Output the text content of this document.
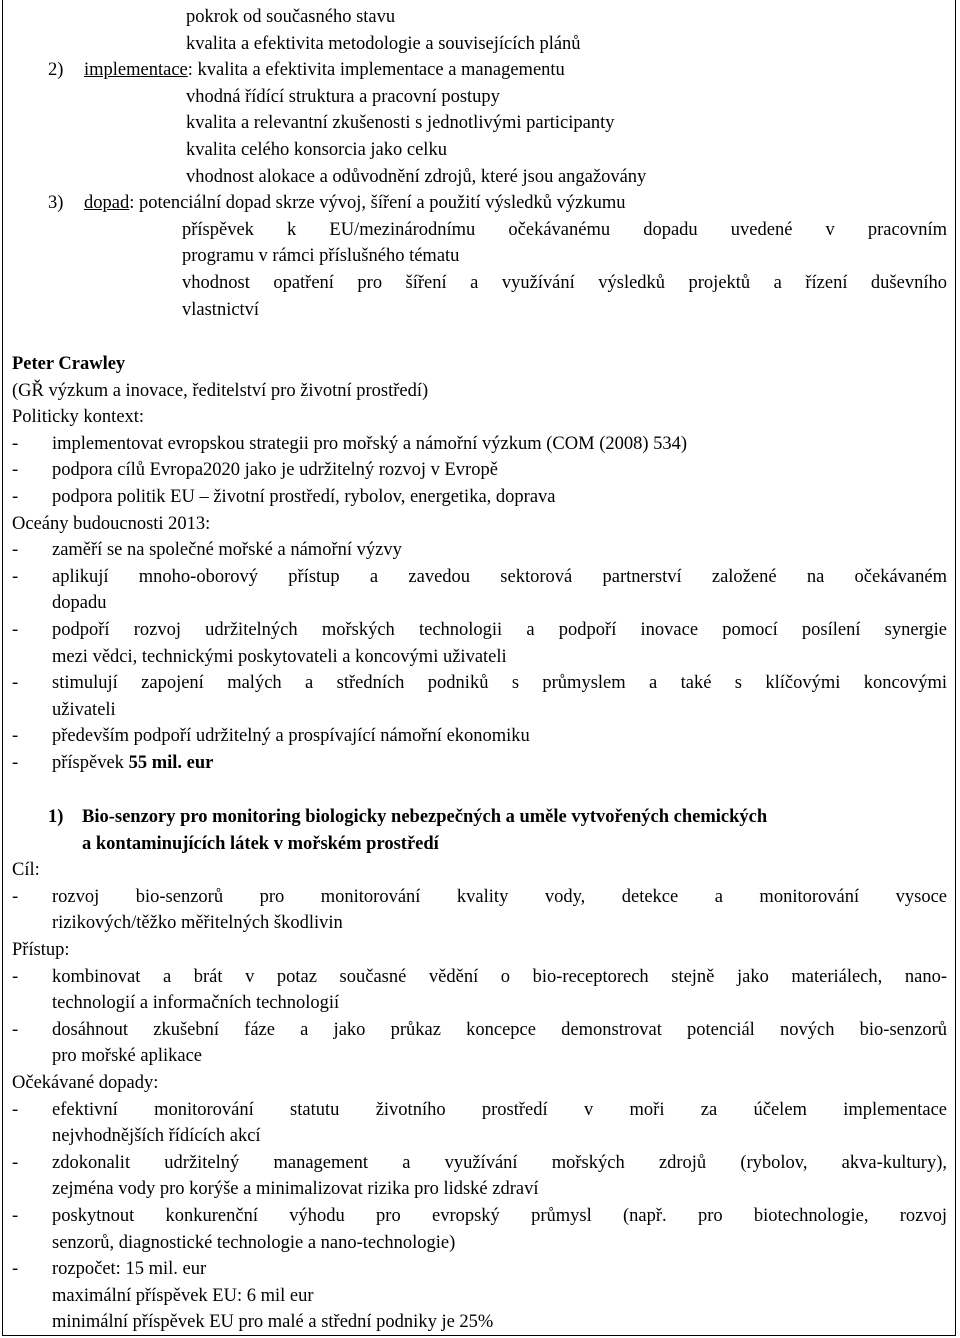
pokrok od současného stavu
kvalita a efektivita metodologie a souvisejících plánů
2) implementace: kvalita a efektivita implementace a managementu
vhodná řídící struktura a pracovní postupy
kvalita a relevantní zkušenosti s jednotlivými participanty
kvalita celého konsorcia jako celku
vhodnost alokace a odůvodnění zdrojů, které jsou angažovány
3) dopad: potenciální dopad skrze vývoj, šíření a použití výsledků výzkumu
příspěvek k EU/mezinárodnímu očekávanému dopadu uvedené v pracovním
programu v rámci příslušného tématu
vhodnost opatření pro šíření a využívání výsledků projektů a řízení duševního
vlastnictví
Peter Crawley
(GŘ výzkum a inovace, ředitelství pro životní prostředí)
Politicky kontext:
-	implementovat evropskou strategii pro mořský a námořní výzkum (COM (2008) 534)
-	podpora cílů Evropa2020 jako je udržitelný rozvoj v Evropě
-	podpora politik EU – životní prostředí, rybolov, energetika, doprava
Oceány budoucnosti 2013:
-	zaměří se na společné mořské a námořní výzvy
-	aplikují mnoho-oborový přístup a zavedou sektorová partnerství založené na očekávaném
dopadu
-	podpoří rozvoj udržitelných mořských technologii a podpoří inovace pomocí posílení synergie
mezi vědci, technickými poskytovateli a koncovými uživateli
-	stimulují zapojení malých a středních podniků s průmyslem a také s klíčovými koncovými
uživateli
-	především podpoří udržitelný a prospívající námořní ekonomiku
-	příspěvek 55 mil. eur
1)	Bio-senzory pro monitoring biologicky nebezpečných a uměle vytvořených chemických
a kontaminujících látek v mořském prostředí
Cíl:
-	rozvoj bio-senzorů pro monitorování kvality vody, detekce a monitorování vysoce
rizikových/těžko měřitelných škodlivin
Přístup:
-	kombinovat a brát v potaz současné vědění o bio-receptorech stejně jako materiálech, nano-
technologií a informačních technologií
-	dosáhnout zkušební fáze a jako průkaz koncepce demonstrovat potenciál nových bio-senzorů
pro mořské aplikace
Očekávané dopady:
-	efektivní monitorování statutu životního prostředí v moři za účelem implementace
nejvhodnějších řídících akcí
-	zdokonalit udržitelný management a využívání mořských zdrojů (rybolov, akva-kultury),
zejména vody pro korýše a minimalizovat rizika pro lidské zdraví
-	poskytnout konkurenční výhodu pro evropský průmysl (např. pro biotechnologie, rozvoj
senzorů, diagnostické technologie a nano-technologie)
-	rozpočet: 15 mil. eur
maximální příspěvek EU: 6 mil eur
minimální příspěvek EU pro malé a střední podniky je 25%
